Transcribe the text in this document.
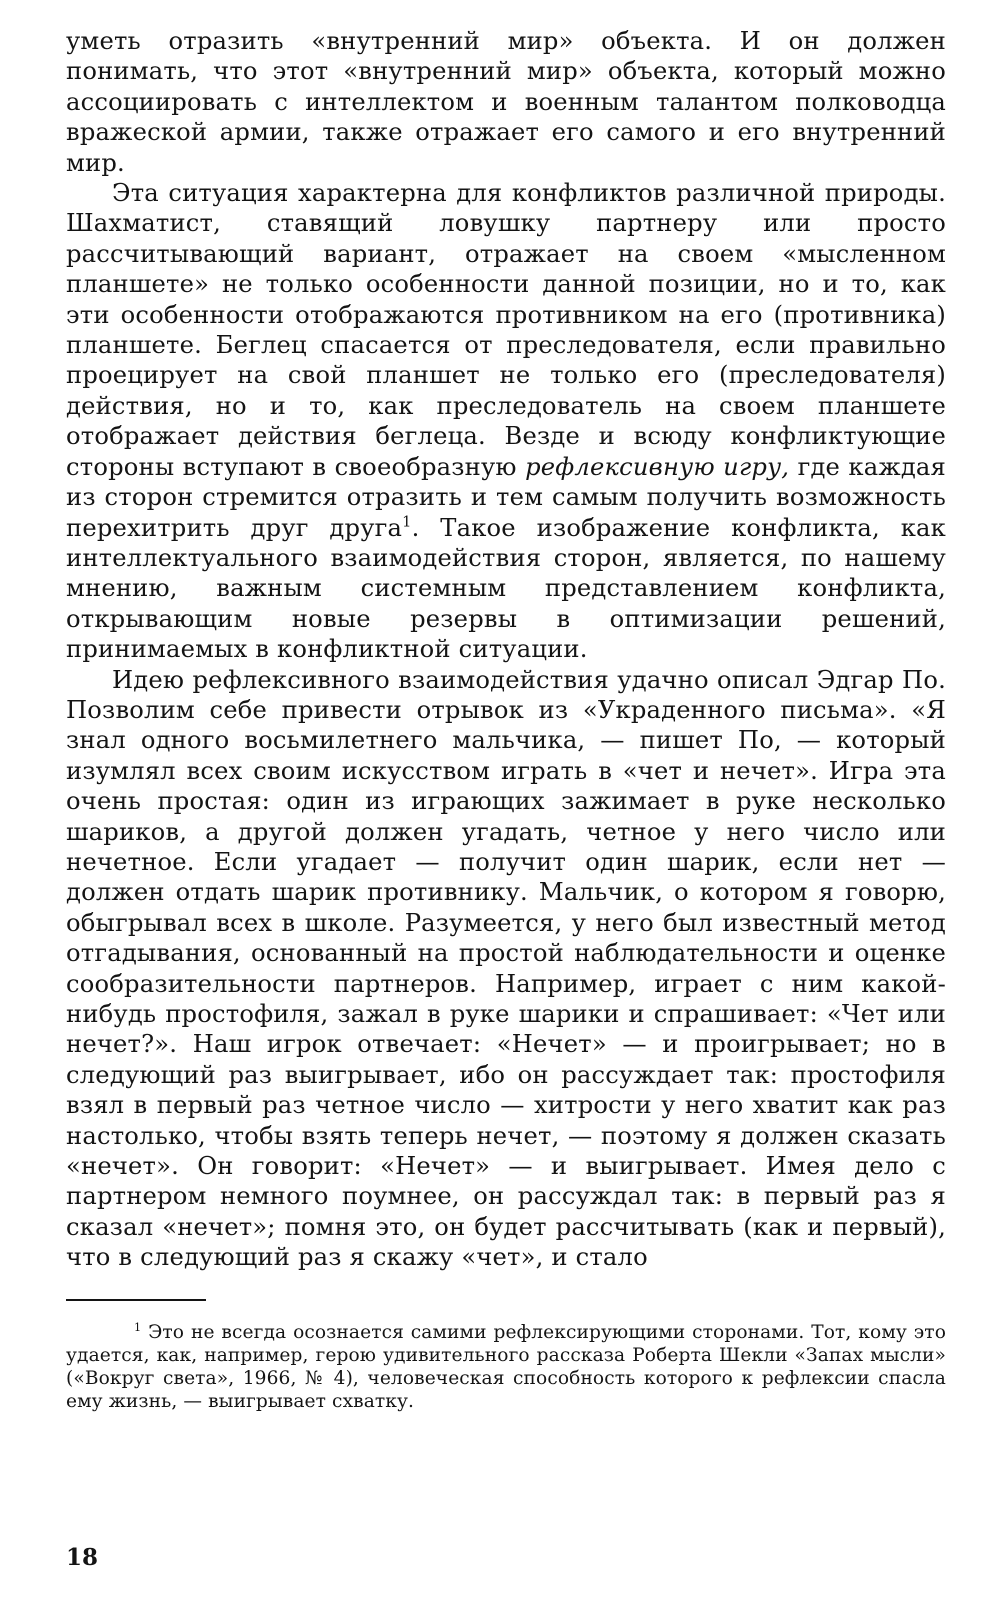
уметь отразить «внутренний мир» объекта. И он должен понимать, что этот «внутренний мир» объекта, который можно ассоциировать с интеллектом и военным талантом полководца вражеской армии, также отражает его самого и его внутренний мир.

Эта ситуация характерна для конфликтов различной природы. Шахматист, ставящий ловушку партнеру или просто рассчитывающий вариант, отражает на своем «мысленном планшете» не только особенности данной позиции, но и то, как эти особенности отображаются противником на его (противника) планшете. Беглец спасается от преследователя, если правильно проецирует на свой планшет не только его (преследователя) действия, но и то, как преследователь на своем планшете отображает действия беглеца. Везде и всюду конфликтующие стороны вступают в своеобразную рефлексивную игру, где каждая из сторон стремится отразить и тем самым получить возможность перехитрить друг друга$^1$. Такое изображение конфликта, как интеллектуального взаимодействия сторон, является, по нашему мнению, важным системным представлением конфликта, открывающим новые резервы в оптимизации решений, принимаемых в конфликтной ситуации.

Идею рефлексивного взаимодействия удачно описал Эдгар По. Позволим себе привести отрывок из «Украденного письма». «Я знал одного восьмилетнего мальчика, — пишет По, — который изумлял всех своим искусством играть в «чет и нечет». Игра эта очень простая: один из играющих зажимает в руке несколько шариков, а другой должен угадать, четное у него число или нечетное. Если угадает — получит один шарик, если нет — должен отдать шарик противнику. Мальчик, о котором я говорю, обыгрывал всех в школе. Разумеется, у него был известный метод отгадывания, основанный на простой наблюдательности и оценке сообразительности партнеров. Например, играет с ним какой-нибудь простофиля, зажал в руке шарики и спрашивает: «Чет или нечет?». Наш игрок отвечает: «Нечет» — и проигрывает; но в следующий раз выигрывает, ибо он рассуждает так: простофиля взял в первый раз четное число — хитрости у него хватит как раз настолько, чтобы взять теперь нечет, — поэтому я должен сказать «нечет». Он говорит: «Нечет» — и выигрывает. Имея дело с партнером немного поумнее, он рассуждал так: в первый раз я сказал «нечет»; помня это, он будет рассчитывать (как и первый), что в следующий раз я скажу «чет», и стало

$^1$ Это не всегда осознается самими рефлексирующими сторонами. Тот, кому это удается, как, например, герою удивительного рассказа Роберта Шекли «Запах мысли» («Вокруг света», 1966, № 4), человеческая способность которого к рефлексии спасла ему жизнь, — выигрывает схватку.
18
